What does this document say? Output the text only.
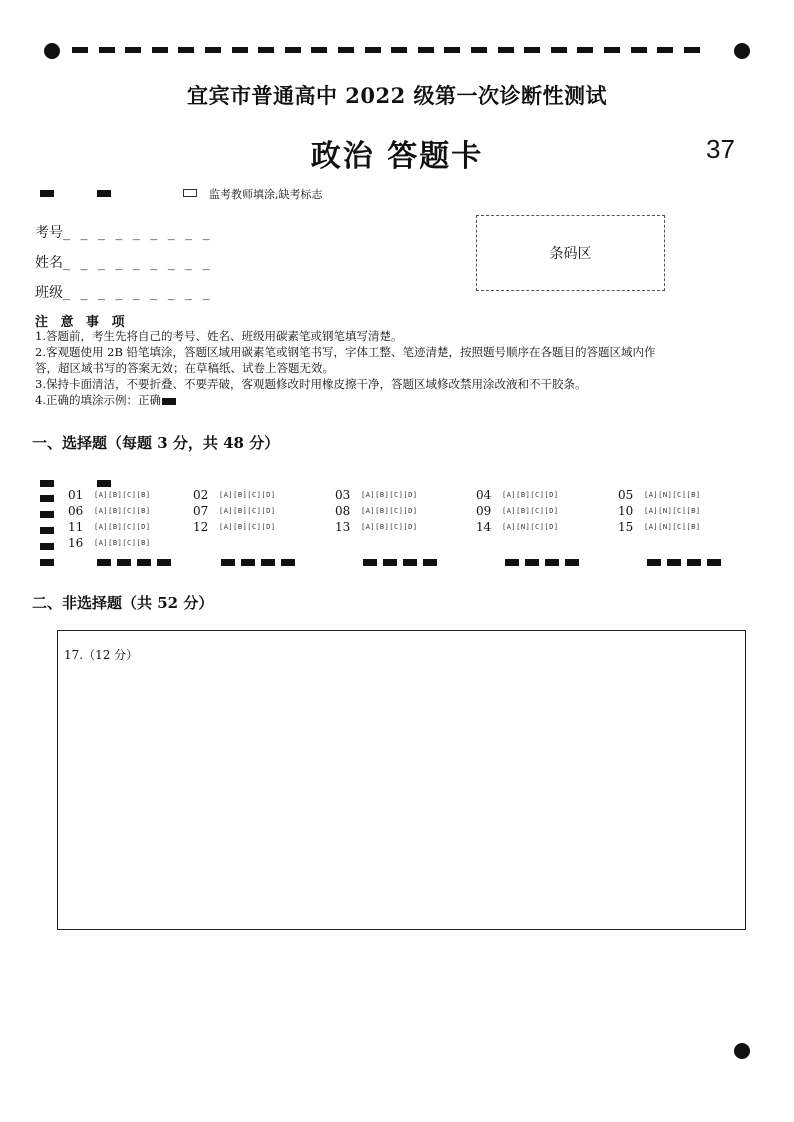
宜宾市普通高中 2022 级第一次诊断性测试
政治 答题卡	37
监考教师填涂,缺考标志
考号_ _ _ _ _ _ _ _ _
姓名_ _ _ _ _ _ _ _ _
班级_ _ _ _ _ _ _ _ _
条码区
注 意 事 项
1.答题前，考生先将自己的考号、姓名、班级用碳素笔或钢笔填写清楚。
2.客观题使用 2B 铅笔填涂，答题区域用碳素笔或钢笔书写，字体工整、笔迹清楚，按照题号顺序在各题目的答题区域内作
答，超区域书写的答案无效；在草稿纸、试卷上答题无效。
3.保持卡面清洁，不要折叠、不要弄破，客观题修改时用橡皮擦干净，答题区域修改禁用涂改液和不干胶条。
4.正确的填涂示例：正确
一、选择题（每题 3 分，共 48 分）
01 [A][B][C][B]	02 [A][B][C][D]	03 [A][B][C][D]	04 [A][B][C][D]	05 [A][N][C][B]
06 [A][B][C][B]	07 [A][B][C][D]	08 [A][B][C][D]	09 [A][B][C][D]	10 [A][N][C][B]
11 [A][B][C][D]	12 [A][B][C][D]	13 [A][B][C][D]	14 [A][N][C][D]	15 [A][N][C][B]
16 [A][B][C][B]
二、非选择题（共 52 分）
17.（12 分）
